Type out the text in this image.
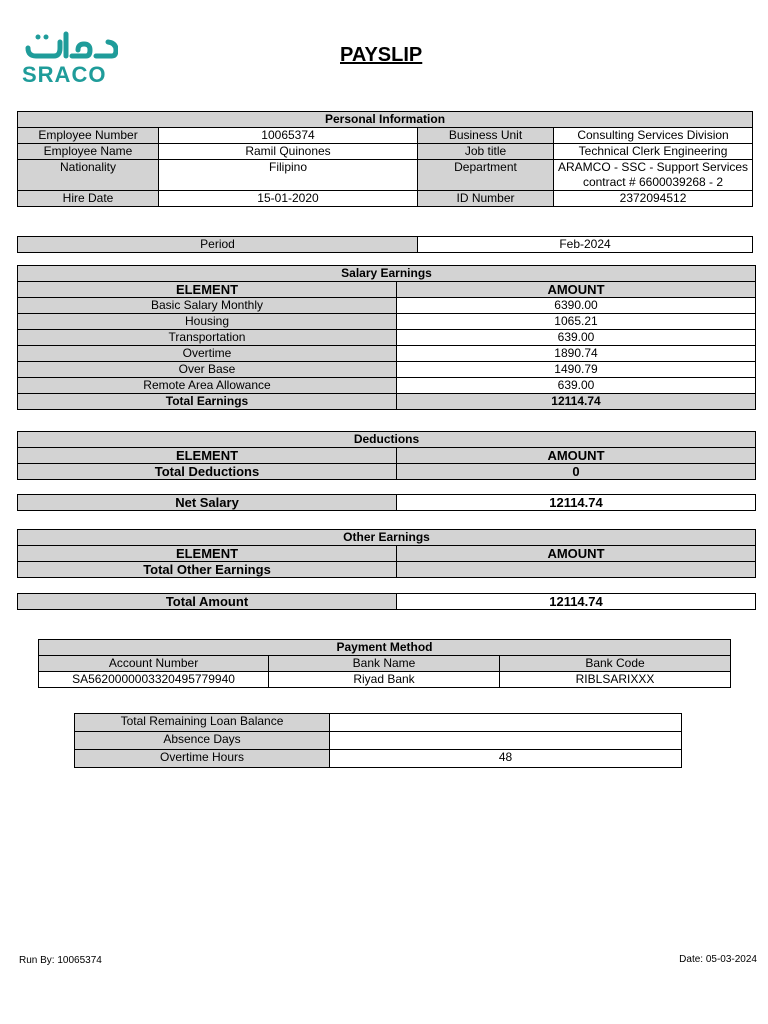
SRACO
PAYSLIP
Personal Information			
Employee Number	10065374	Business Unit	Consulting Services Division
Employee Name	Ramil Quinones	Job title	Technical Clerk Engineering
Nationality	Filipino	Department	ARAMCO - SSC - Support Services contract # 6600039268 - 2
Hire Date	15-01-2020	ID Number	2372094512
Period	Feb-2024
Salary Earnings	
ELEMENT	AMOUNT
Basic Salary Monthly	6390.00
Housing	1065.21
Transportation	639.00
Overtime	1890.74
Over Base	1490.79
Remote Area Allowance	639.00
Total Earnings	12114.74
Deductions	
ELEMENT	AMOUNT
Total Deductions	0
Net Salary	12114.74
Other Earnings	
ELEMENT	AMOUNT
Total Other Earnings	
Total Amount	12114.74
Payment Method		
Account Number	Bank Name	Bank Code
SA5620000003320495779940	Riyad Bank	RIBLSARIXXX
Total Remaining Loan Balance	
Absence Days	
Overtime Hours	48
Run By: 10065374	Date: 05-03-2024
